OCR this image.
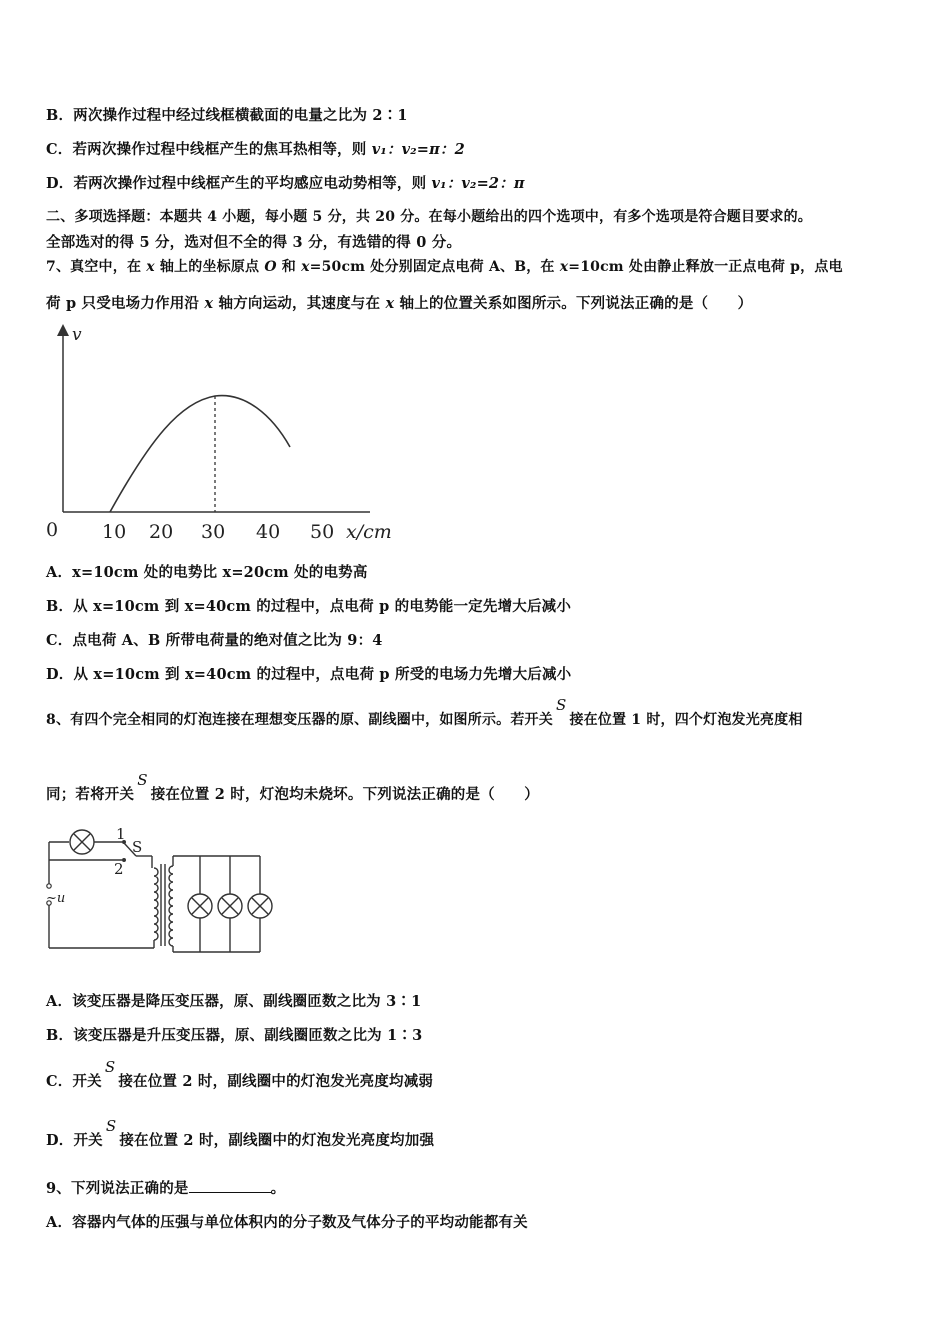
B．两次操作过程中经过线框横截面的电量之比为 2∶1
C．若两次操作过程中线框产生的焦耳热相等，则 v₁：v₂=π：2
D．若两次操作过程中线框产生的平均感应电动势相等，则 v₁：v₂=2：π
二、多项选择题：本题共 4 小题，每小题 5 分，共 20 分。在每小题给出的四个选项中，有多个选项是符合题目要求的。
全部选对的得 5 分，选对但不全的得 3 分，有选错的得 0 分。
7、真空中，在 x 轴上的坐标原点 O 和 x=50cm 处分别固定点电荷 A、B，在 x=10cm 处由静止释放一正点电荷 p，点电
荷 p 只受电场力作用沿 x 轴方向运动，其速度与在 x 轴上的位置关系如图所示。下列说法正确的是（　　）
v
0 10 20 30 40 50 x/cm
A．x=10cm 处的电势比 x=20cm 处的电势高
B．从 x=10cm 到 x=40cm 的过程中，点电荷 p 的电势能一定先增大后减小
C．点电荷 A、B 所带电荷量的绝对值之比为 9：4
D．从 x=10cm 到 x=40cm 的过程中，点电荷 p 所受的电场力先增大后减小
8、有四个完全相同的灯泡连接在理想变压器的原、副线圈中，如图所示。若开关S接在位置 1 时，四个灯泡发光亮度相
同；若将开关S接在位置 2 时，灯泡均未烧坏。下列说法正确的是（　　）
1
2
S
~u
A．该变压器是降压变压器，原、副线圈匝数之比为 3∶1
B．该变压器是升压变压器，原、副线圈匝数之比为 1∶3
C．开关S接在位置 2 时，副线圈中的灯泡发光亮度均减弱
D．开关S接在位置 2 时，副线圈中的灯泡发光亮度均加强
9、下列说法正确的是	。
A．容器内气体的压强与单位体积内的分子数及气体分子的平均动能都有关
